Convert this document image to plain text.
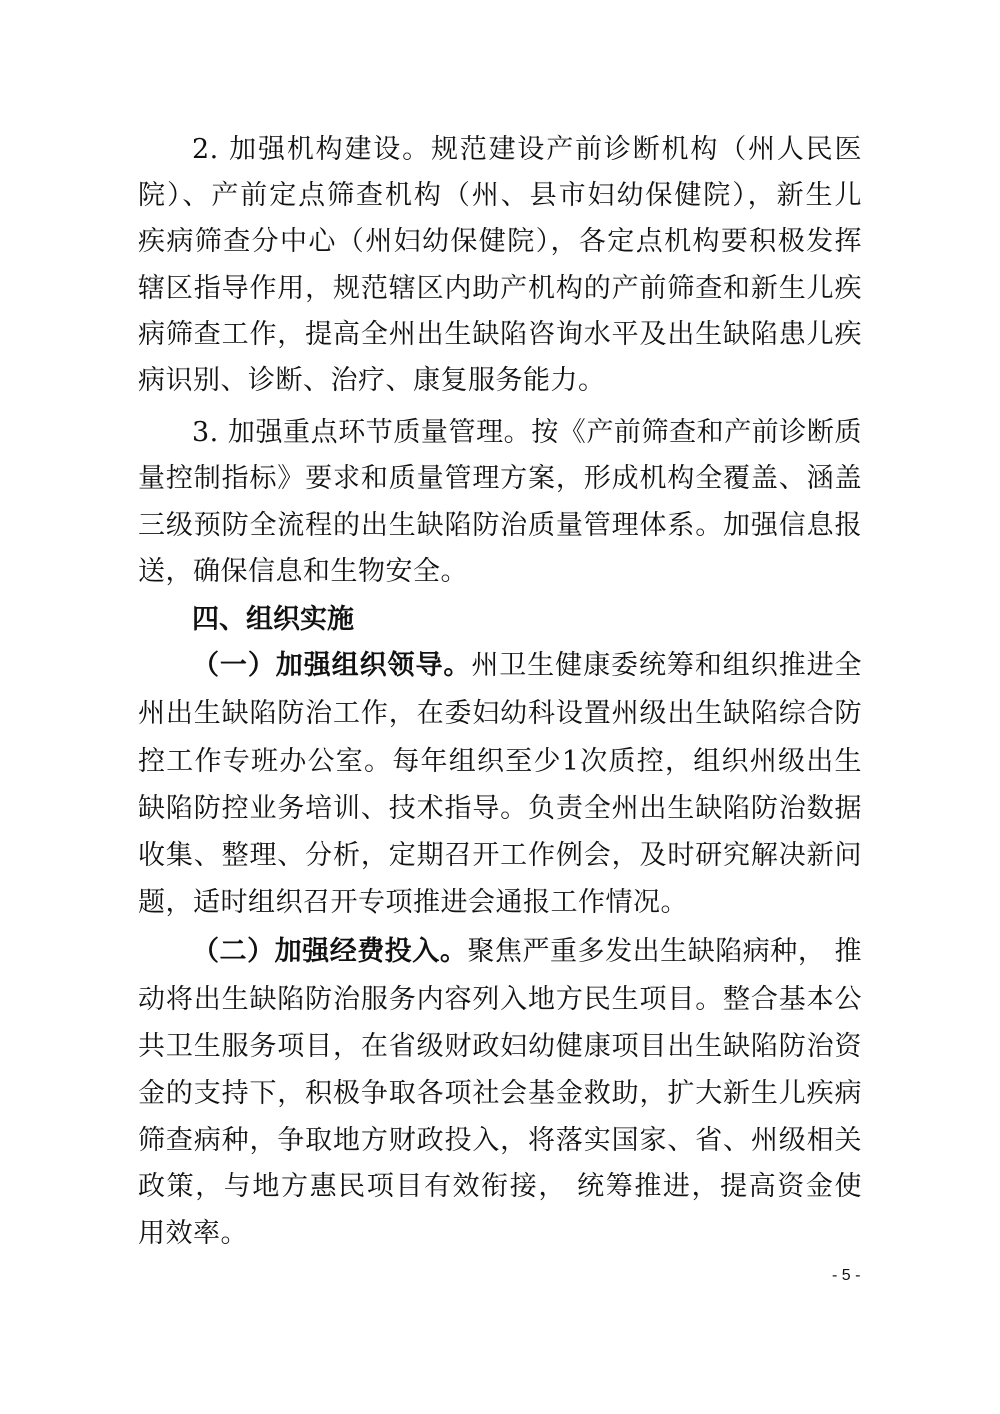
2. 加强机构建设。规范建设产前诊断机构（州人民医
院）、产前定点筛查机构（州、县市妇幼保健院），新生儿
疾病筛查分中心（州妇幼保健院），各定点机构要积极发挥
辖区指导作用，规范辖区内助产机构的产前筛查和新生儿疾
病筛查工作，提高全州出生缺陷咨询水平及出生缺陷患儿疾
病识别、诊断、治疗、康复服务能力。
3. 加强重点环节质量管理。按《产前筛查和产前诊断质
量控制指标》要求和质量管理方案，形成机构全覆盖、涵盖
三级预防全流程的出生缺陷防治质量管理体系。加强信息报
送，确保信息和生物安全。
四、组织实施
（一）加强组织领导。州卫生健康委统筹和组织推进全
州出生缺陷防治工作，在委妇幼科设置州级出生缺陷综合防
控工作专班办公室。每年组织至少1次质控，组织州级出生
缺陷防控业务培训、技术指导。负责全州出生缺陷防治数据
收集、整理、分析，定期召开工作例会，及时研究解决新问
题，适时组织召开专项推进会通报工作情况。
（二）加强经费投入。聚焦严重多发出生缺陷病种， 推
动将出生缺陷防治服务内容列入地方民生项目。整合基本公
共卫生服务项目，在省级财政妇幼健康项目出生缺陷防治资
金的支持下，积极争取各项社会基金救助，扩大新生儿疾病
筛查病种，争取地方财政投入，将落实国家、省、州级相关
政策，与地方惠民项目有效衔接， 统筹推进，提高资金使
用效率。
- 5 -
